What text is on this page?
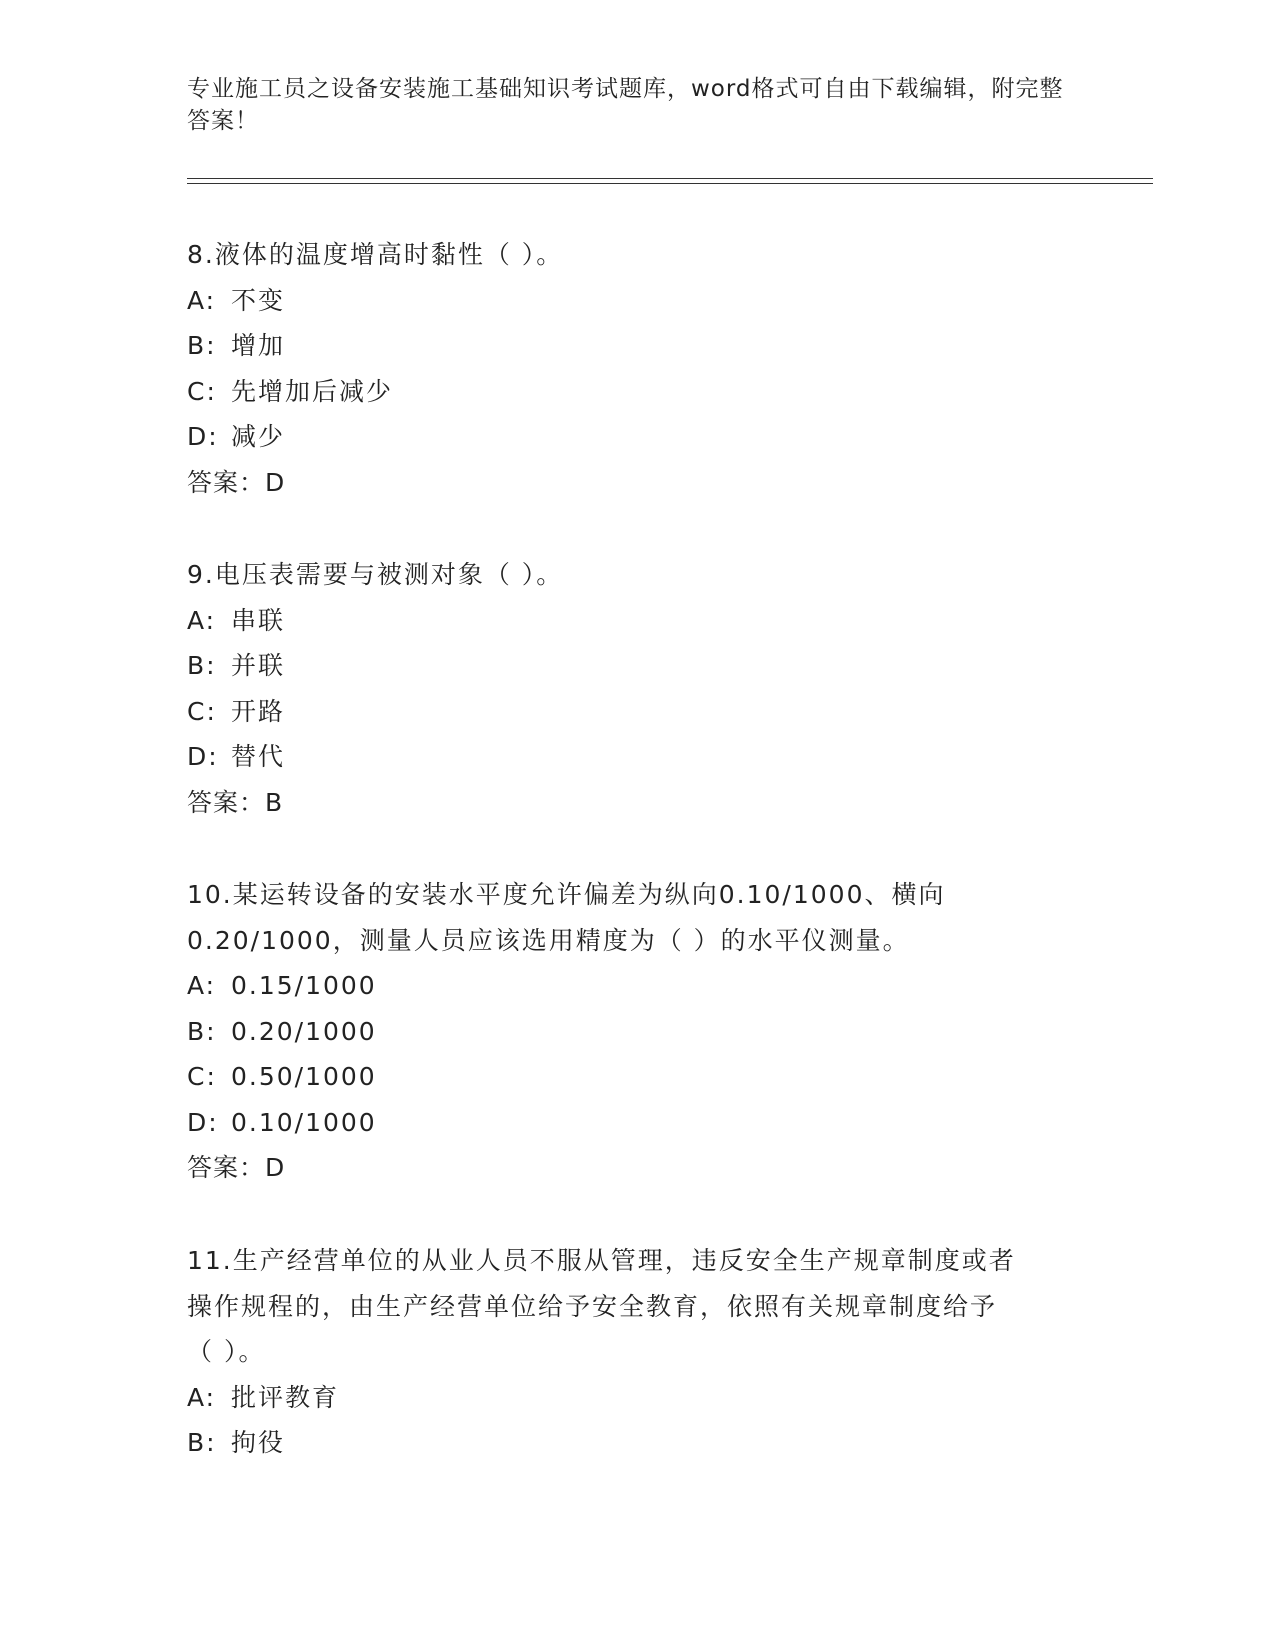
专业施工员之设备安装施工基础知识考试题库，word格式可自由下载编辑，附完整答案！
8.液体的温度增高时黏性（ ）。
A: 不变
B: 增加
C: 先增加后减少
D: 减少
答案：D
9.电压表需要与被测对象（ ）。
A: 串联
B: 并联
C: 开路
D: 替代
答案：B
10.某运转设备的安装水平度允许偏差为纵向0.10/1000、横向
0.20/1000，测量人员应该选用精度为（ ）的水平仪测量。
A: 0.15/1000
B: 0.20/1000
C: 0.50/1000
D: 0.10/1000
答案：D
11.生产经营单位的从业人员不服从管理，违反安全生产规章制度或者
操作规程的，由生产经营单位给予安全教育，依照有关规章制度给予
（ ）。
A: 批评教育
B: 拘役
